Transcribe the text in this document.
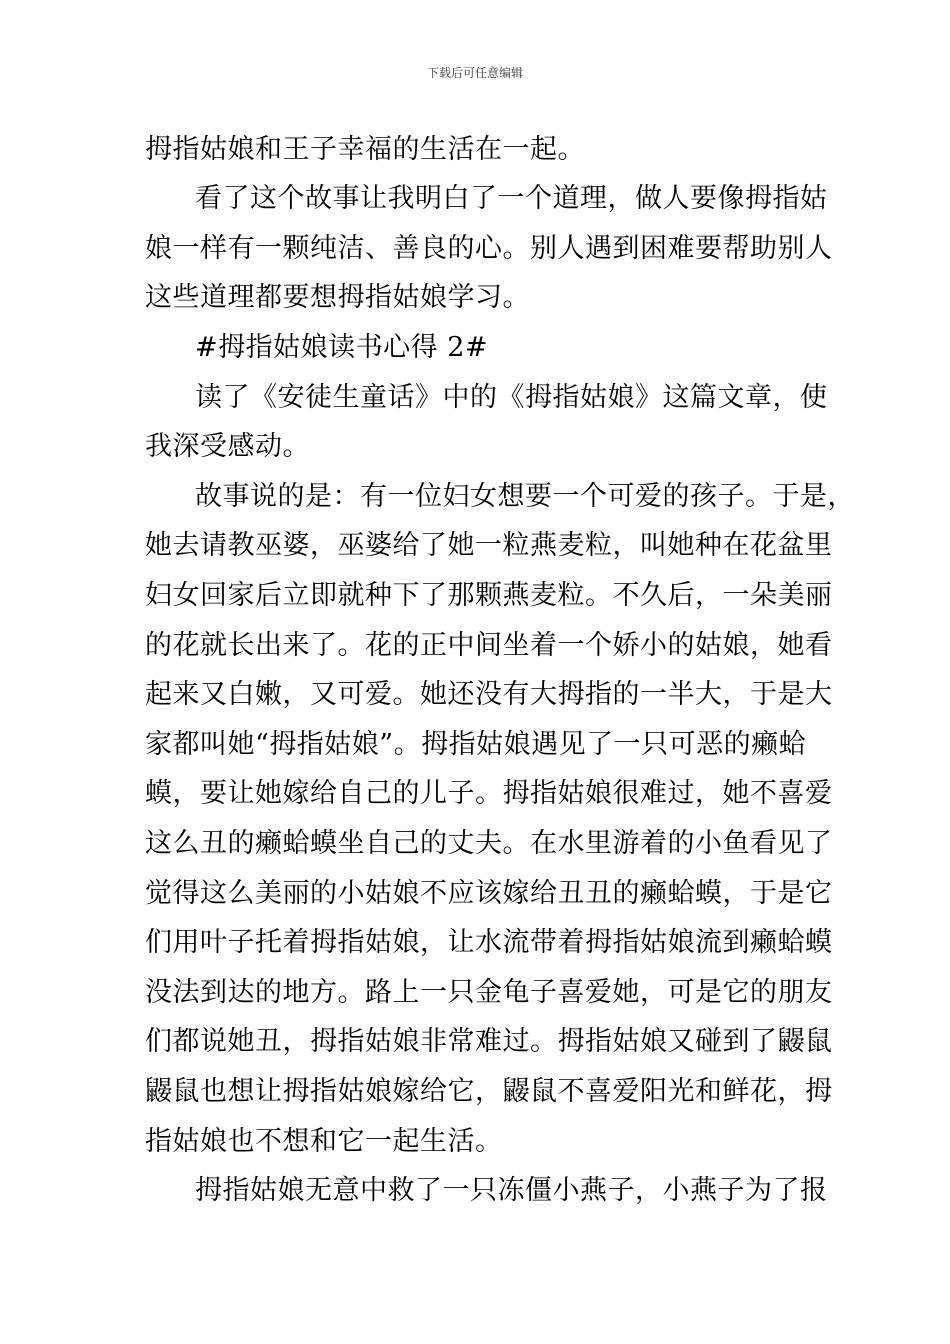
下载后可任意编辑
拇指姑娘和王子幸福的生活在一起。
看了这个故事让我明白了一个道理，做人要像拇指姑
娘一样有一颗纯洁、善良的心。别人遇到困难要帮助别人
这些道理都要想拇指姑娘学习。
#拇指姑娘读书心得 2#
读了《安徒生童话》中的《拇指姑娘》这篇文章，使
我深受感动。
故事说的是：有一位妇女想要一个可爱的孩子。于是，
她去请教巫婆，巫婆给了她一粒燕麦粒，叫她种在花盆里
妇女回家后立即就种下了那颗燕麦粒。不久后，一朵美丽
的花就长出来了。花的正中间坐着一个娇小的姑娘，她看
起来又白嫩，又可爱。她还没有大拇指的一半大，于是大
家都叫她“拇指姑娘”。拇指姑娘遇见了一只可恶的癞蛤
蟆，要让她嫁给自己的儿子。拇指姑娘很难过，她不喜爱
这么丑的癞蛤蟆坐自己的丈夫。在水里游着的小鱼看见了
觉得这么美丽的小姑娘不应该嫁给丑丑的癞蛤蟆，于是它
们用叶子托着拇指姑娘，让水流带着拇指姑娘流到癞蛤蟆
没法到达的地方。路上一只金龟子喜爱她，可是它的朋友
们都说她丑，拇指姑娘非常难过。拇指姑娘又碰到了鼹鼠
鼹鼠也想让拇指姑娘嫁给它，鼹鼠不喜爱阳光和鲜花，拇
指姑娘也不想和它一起生活。
拇指姑娘无意中救了一只冻僵小燕子，小燕子为了报
